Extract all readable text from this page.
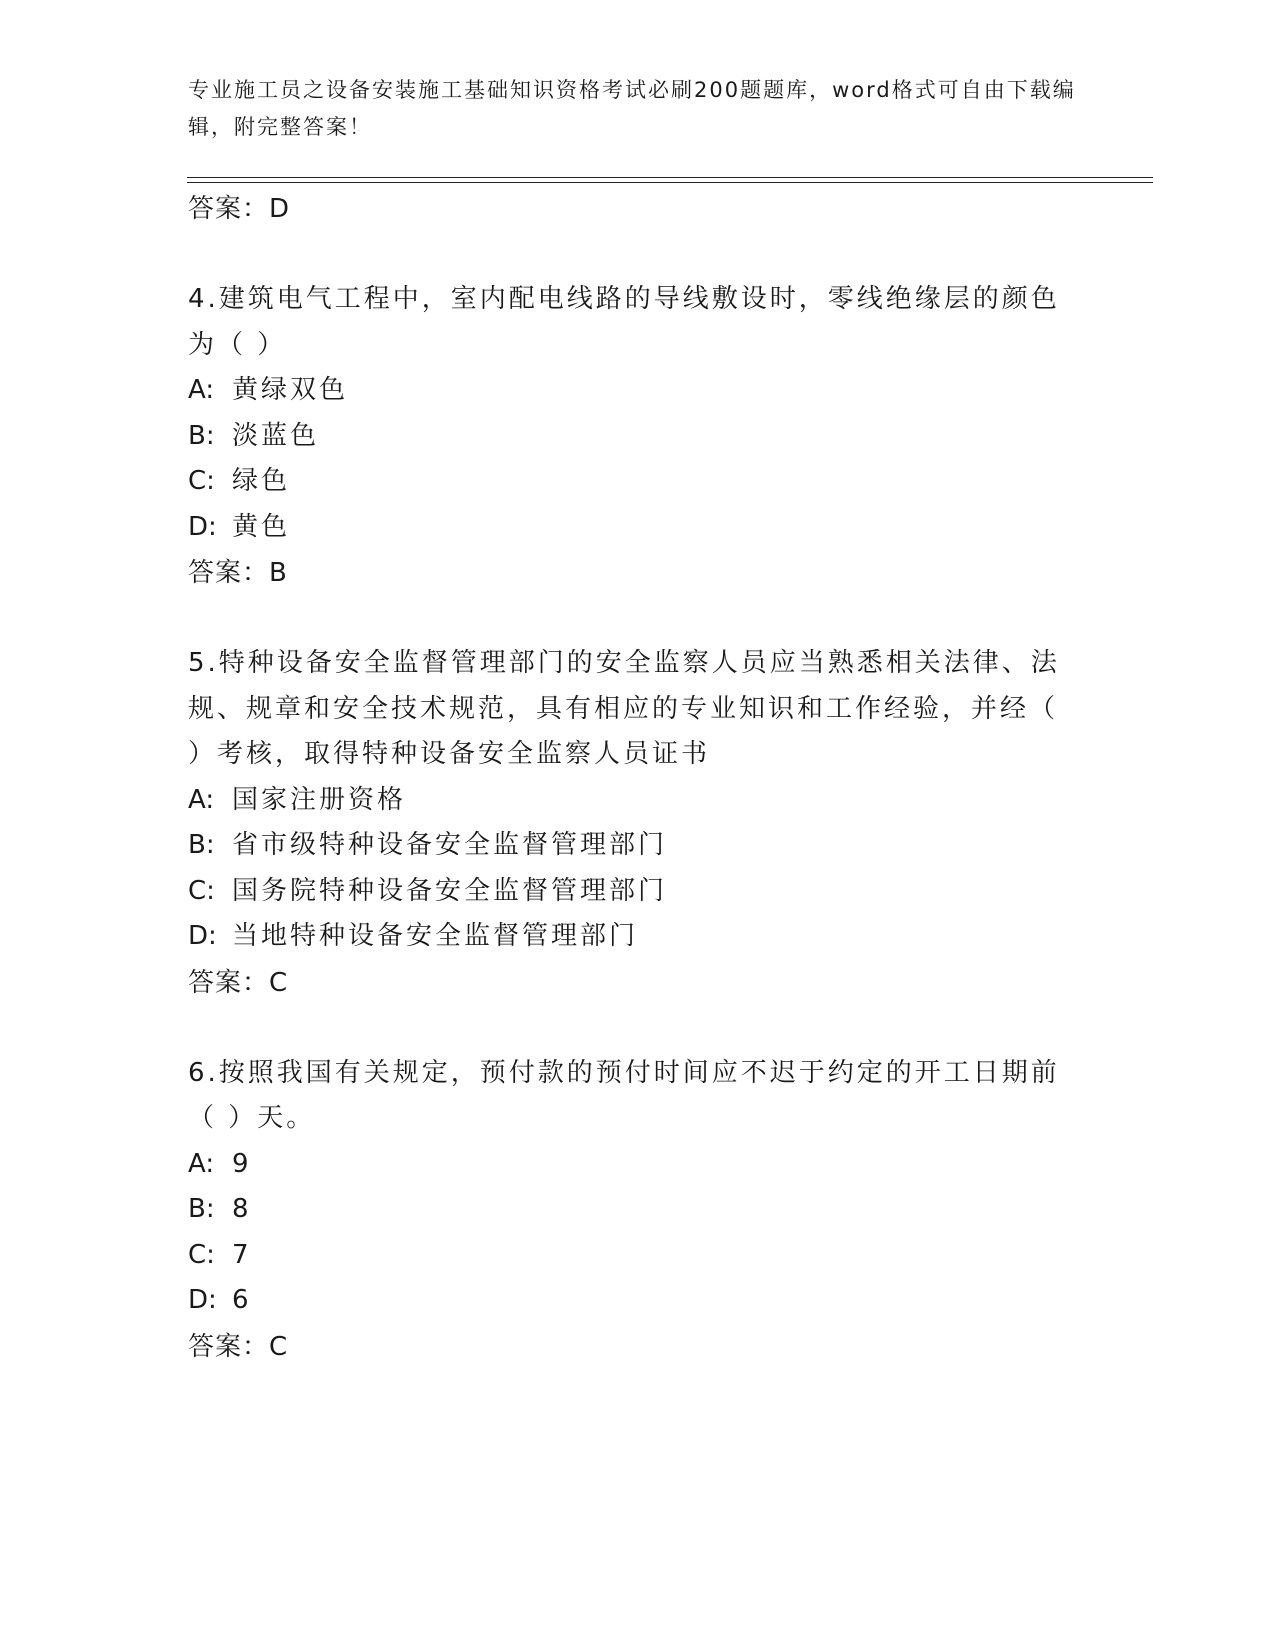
专业施工员之设备安装施工基础知识资格考试必刷200题题库，word格式可自由下载编辑，附完整答案！
答案：D
4.建筑电气工程中，室内配电线路的导线敷设时，零线绝缘层的颜色为（ ）
A: 黄绿双色
B: 淡蓝色
C: 绿色
D: 黄色
答案：B
5.特种设备安全监督管理部门的安全监察人员应当熟悉相关法律、法规、规章和安全技术规范，具有相应的专业知识和工作经验，并经（ ）考核，取得特种设备安全监察人员证书
A: 国家注册资格
B: 省市级特种设备安全监督管理部门
C: 国务院特种设备安全监督管理部门
D: 当地特种设备安全监督管理部门
答案：C
6.按照我国有关规定，预付款的预付时间应不迟于约定的开工日期前（ ）天。
A: 9
B: 8
C: 7
D: 6
答案：C
